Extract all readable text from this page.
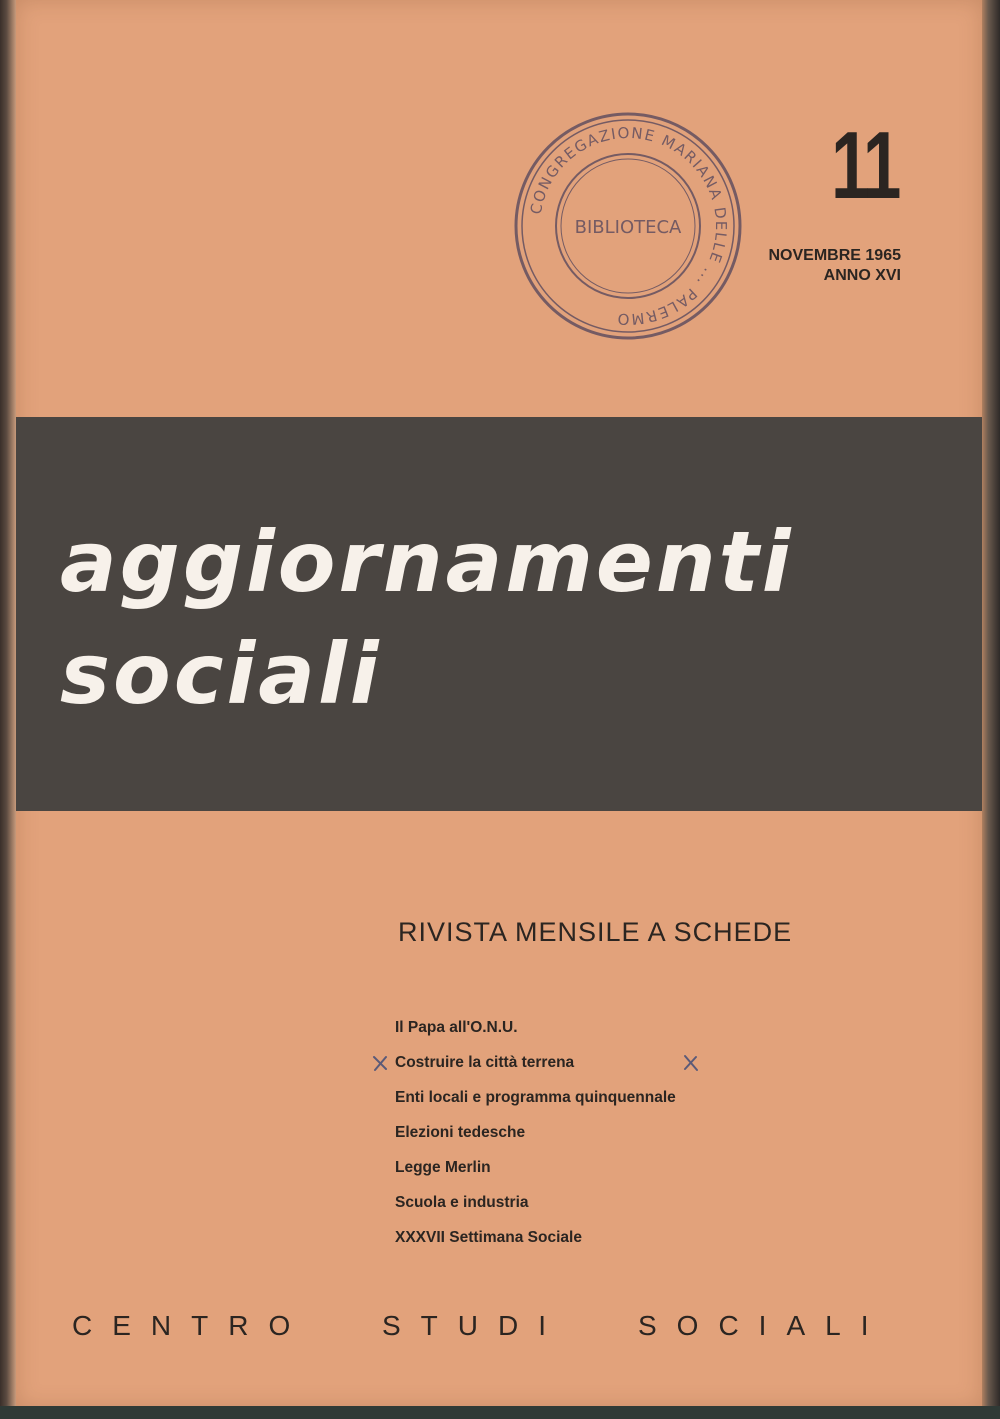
CONGREGAZIONE MARIANA DELLE ... PALERMO
BIBLIOTECA
11
NOVEMBRE 1965
ANNO XVI
aggiornamenti
sociali
RIVISTA MENSILE A SCHEDE
Il Papa all'O.N.U.
Costruire la città terrena
Enti locali e programma quinquennale
Elezioni tedesche
Legge Merlin
Scuola e industria
XXXVII Settimana Sociale
CENTRO	STUDI	SOCIALI
